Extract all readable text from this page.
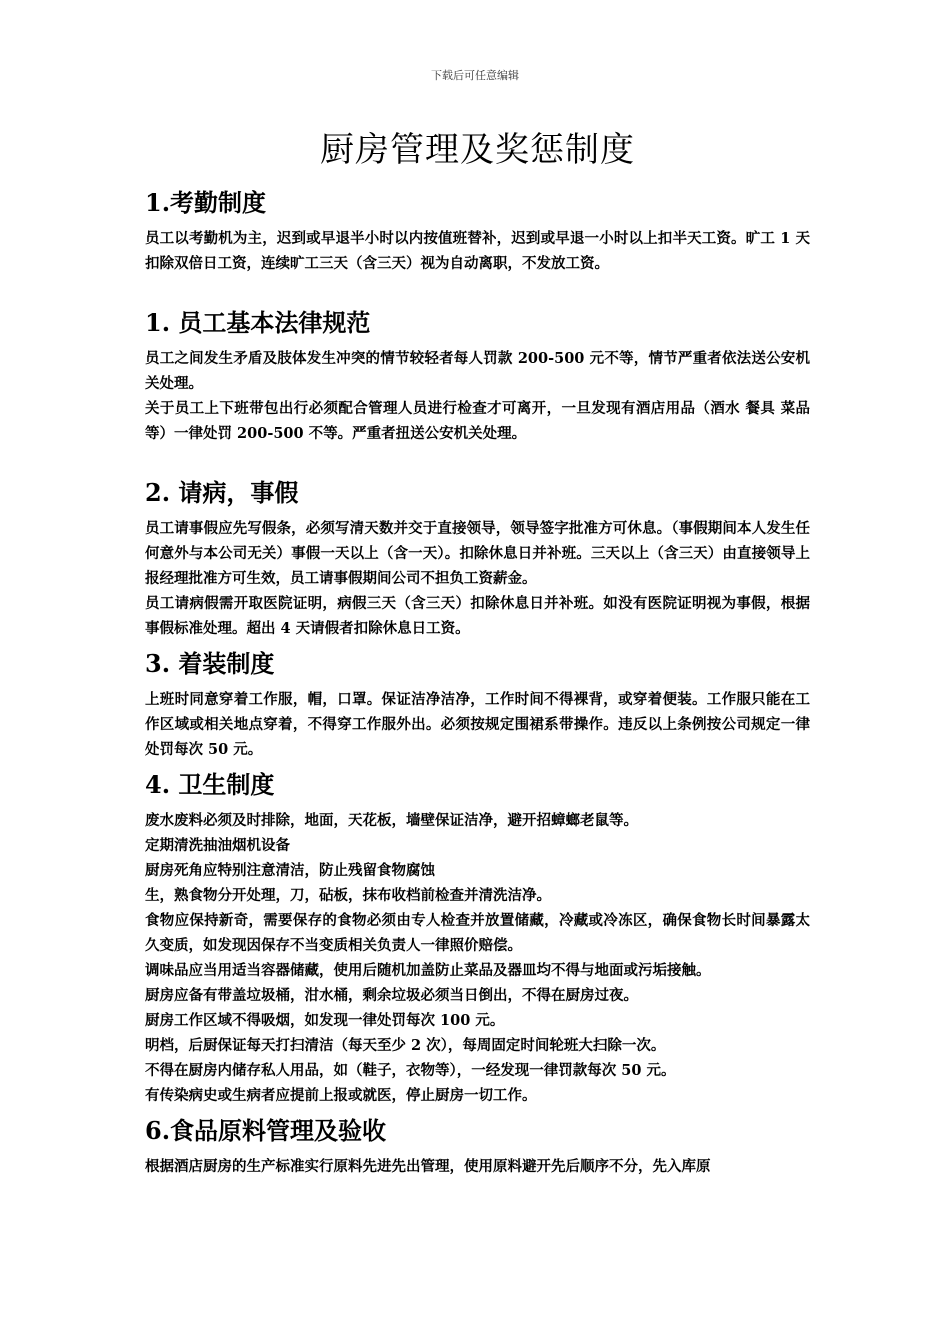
下载后可任意编辑
厨房管理及奖惩制度
1.考勤制度

员工以考勤机为主，迟到或早退半小时以内按值班替补，迟到或早退一小时以上扣半天工资。旷工 1 天扣除双倍日工资，连续旷工三天（含三天）视为自动离职，不发放工资。

1. 员工基本法律规范

员工之间发生矛盾及肢体发生冲突的情节较轻者每人罚款 200-500 元不等，情节严重者依法送公安机关处理。

关于员工上下班带包出行必须配合管理人员进行检查才可离开，一旦发现有酒店用品（酒水 餐具 菜品等）一律处罚 200-500 不等。严重者扭送公安机关处理。

2. 请病，事假

员工请事假应先写假条，必须写清天数并交于直接领导，领导签字批准方可休息。（事假期间本人发生任何意外与本公司无关）事假一天以上（含一天）。扣除休息日并补班。三天以上（含三天）由直接领导上报经理批准方可生效，员工请事假期间公司不担负工资薪金。

员工请病假需开取医院证明，病假三天（含三天）扣除休息日并补班。如没有医院证明视为事假，根据事假标准处理。超出 4 天请假者扣除休息日工资。

3. 着装制度

上班时同意穿着工作服，帽，口罩。保证洁净洁净，工作时间不得裸背，或穿着便装。工作服只能在工作区域或相关地点穿着，不得穿工作服外出。必须按规定围裙系带操作。违反以上条例按公司规定一律处罚每次 50 元。

4. 卫生制度

废水废料必须及时排除，地面，天花板，墙壁保证洁净，避开招蟑螂老鼠等。

定期清洗抽油烟机设备

厨房死角应特别注意清洁，防止残留食物腐蚀

生，熟食物分开处理，刀，砧板，抹布收档前检查并清洗洁净。

食物应保持新奇，需要保存的食物必须由专人检查并放置储藏，冷藏或冷冻区，确保食物长时间暴露太久变质，如发现因保存不当变质相关负责人一律照价赔偿。

调味品应当用适当容器储藏，使用后随机加盖防止菜品及器皿均不得与地面或污垢接触。

厨房应备有带盖垃圾桶，泔水桶，剩余垃圾必须当日倒出，不得在厨房过夜。

厨房工作区域不得吸烟，如发现一律处罚每次 100 元。

明档，后厨保证每天打扫清洁（每天至少 2 次），每周固定时间轮班大扫除一次。

不得在厨房内储存私人用品，如（鞋子，衣物等），一经发现一律罚款每次 50 元。

有传染病史或生病者应提前上报或就医，停止厨房一切工作。

6.食品原料管理及验收

根据酒店厨房的生产标准实行原料先进先出管理，使用原料避开先后顺序不分，先入库原
